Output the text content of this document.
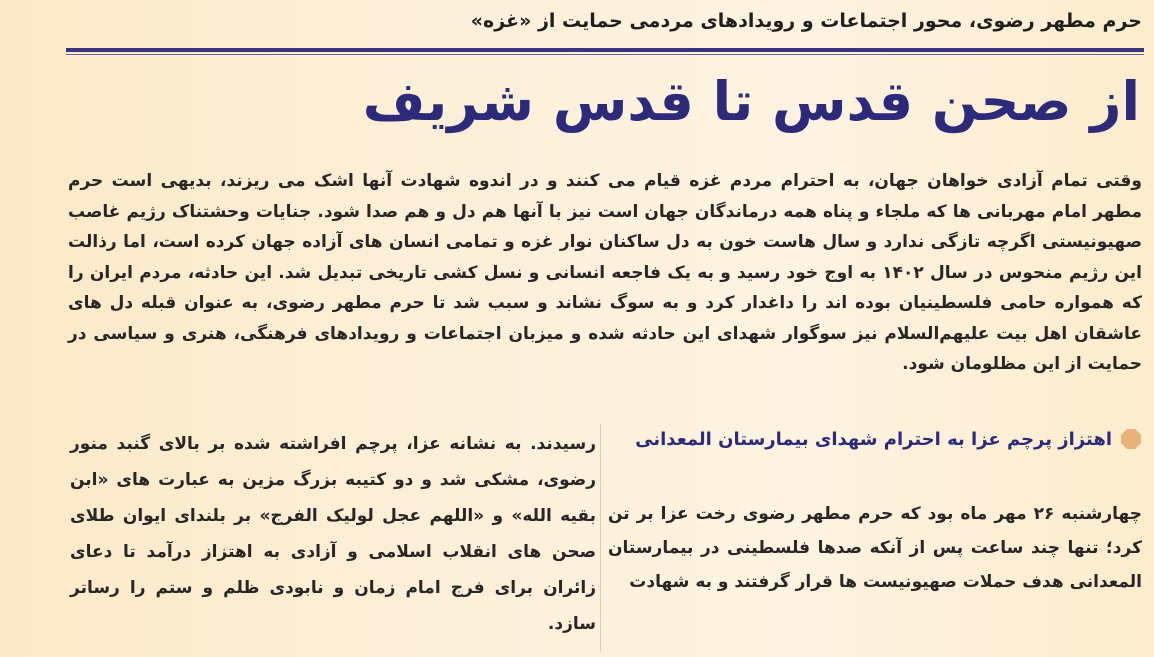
حرم مطهر رضوی، محور اجتماعات و رویدادهای مردمی حمایت از «غزه»
از صحن قدس تا قدس شریف

وقتی تمام آزادی خواهان جهان، به احترام مردم غزه قیام می کنند و در اندوه شهادت آنها اشک می ریزند، بدیهی است حرم مطهر امام مهربانی ها که ملجاء و پناه همه درماندگان جهان است نیز با آنها هم دل و هم صدا شود. جنایات وحشتناک رژیم غاصب صهیونیستی اگرچه تازگی ندارد و سال هاست خون به دل ساکنان نوار غزه و تمامی انسان های آزاده جهان کرده است، اما رذالت این رژیم منحوس در سال ۱۴۰۲ به اوج خود رسید و به یک فاجعه انسانی و نسل کشی تاریخی تبدیل شد. این حادثه، مردم ایران را که همواره حامی فلسطینیان بوده اند را داغدار کرد و به سوگ نشاند و سبب شد تا حرم مطهر رضوی، به عنوان قبله دل های عاشقان اهل بیت علیهم‌السلام نیز سوگوار شهدای این حادثه شده و میزبان اجتماعات و رویدادهای فرهنگی، هنری و سیاسی در حمایت از این مظلومان شود.

اهتزاز پرچم عزا به احترام شهدای بیمارستان المعدانی

چهارشنبه ۲۶ مهر ماه بود که حرم مطهر رضوی رخت عزا بر تن کرد؛ تنها چند ساعت پس از آنکه صدها فلسطینی در بیمارستان المعدانی هدف حملات صهیونیست ها قرار گرفتند و به شهادت

رسیدند. به نشانه عزا، پرچم افراشته شده بر بالای گنبد منور رضوی، مشکی شد و دو کتیبه بزرگ مزین به عبارت های «ابن بقیه الله» و «اللهم عجل لولیک الفرج» بر بلندای ایوان طلای صحن های انقلاب اسلامی و آزادی به اهتزاز درآمد تا دعای زائران برای فرج امام زمان و نابودی ظلم و ستم را رساتر سازد.
